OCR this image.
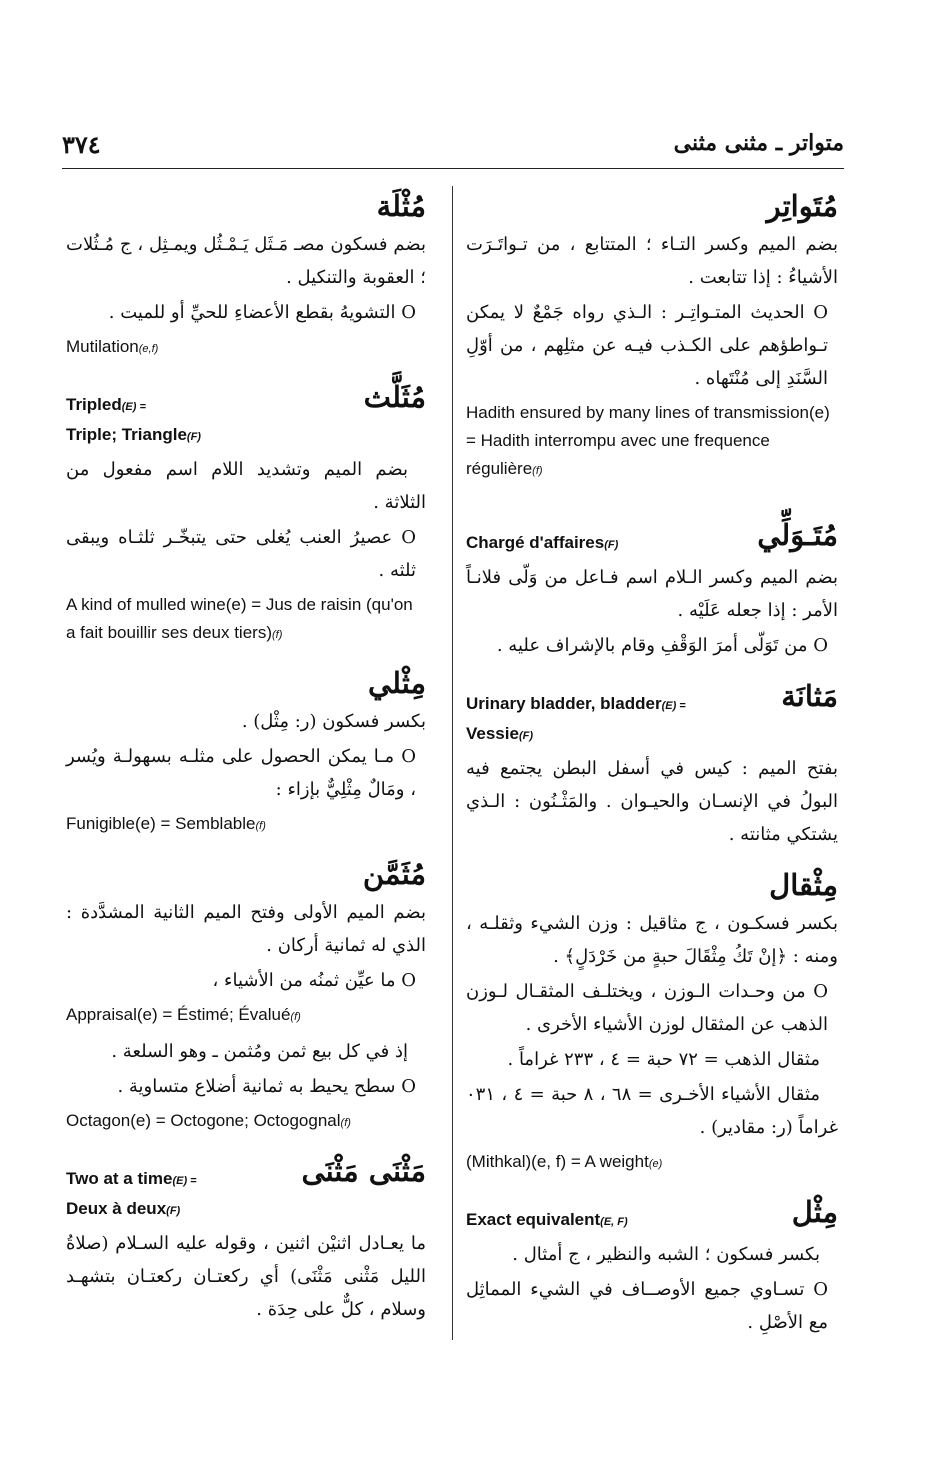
٣٧٤	متواتر ـ مثنى مثنى
مُثْلَة

بضم فسكون مصـ مَـثَل يَـمْـثُل ويمـثِل ، ج مُـثُلات ؛ العقوبة والتنكيل .

O التشويهُ بقطع الأعضاءِ للحيِّ أو للميت .

Mutilation(e,f)
Tripled(E) =
Triple; Triangle(F)
مُثَلَّث

بضم الميم وتشديد اللام اسم مفعول من الثلاثة .

O عصيرُ العنب يُغلى حتى يتبخّـر ثلثـاه ويبقى ثلثه .

A kind of mulled wine(e) = Jus de raisin (qu'on a fait bouillir ses deux tiers)(f)
مِثْلي

بكسر فسكون (ر: مِثْل) .

O مـا يمكن الحصول على مثلـه بسهولـة ويُسر ، ومَالٌ مِثْلِيٌّ بإزاء :

Funigible(e) = Semblable(f)
مُثَمَّن

بضم الميم الأولى وفتح الميم الثانية المشدَّدة : الذي له ثمانية أركان .

O ما عيِّن ثمنُه من الأشياء ،

Appraisal(e) = Éstimé; Évalué(f)

إذ في كل بيع ثمن ومُثمن ـ وهو السلعة .

O سطح يحيط به ثمانية أضلاع متساوية .

Octagon(e) = Octogone; Octogognal(f)
Two at a time(E) =
Deux à deux(F)
مَثْنَى مَثْنَى

ما يعـادل اثنيْن اثنين ، وقوله عليه السـلام (صلاةُ الليل مَثْنى مَثْنَى) أي ركعتـان ركعتـان بتشهـد وسلام ، كلٌّ على حِدَة .

مُتَواتِر

بضم الميم وكسر التـاء ؛ المتتابع ، من تـواتَـرَت الأشياءُ : إذا تتابعت .

O الحديث المتـواتِـر : الـذي رواه جَمْعٌ لا يمكن تـواطؤهم على الكـذب فيـه عن مثلِهم ، من أوّلِ السَّنَدِ إلى مُنْتَهاه .

Hadith ensured by many lines of transmission(e) = Hadith interrompu avec une frequence régulière(f)
Chargé d'affaires(F)	مُتَـوَلِّي

بضم الميم وكسر الـلام اسم فـاعل من وَلّى فلانـاً الأمر : إذا جعله عَلَيْه .

O من تَوَلّى أمرَ الوَقْفِ وقام بالإشراف عليه .

Urinary bladder, bladder(E) =
Vessie(F)
مَثانَة

بفتح الميم : كيس في أسفل البطن يجتمع فيه البولُ في الإنسـان والحيـوان . والمَثْـنُون : الـذي يشتكي مثانته .

مِثْقال

بكسر فسكـون ، ج مثاقيل : وزن الشيء وثقلـه ، ومنه : ﴿إنْ تَكُ مِثْقَالَ حبةٍ من خَرْدَلٍ﴾ .

O من وحـدات الـوزن ، ويختلـف المثقـال لـوزن الذهب عن المثقال لوزن الأشياء الأخرى .

مثقال الذهب = ٧٢ حبة = ٤ ، ٢٣٣ غراماً .

مثقال الأشياء الأخـرى = ٦٨ ، ٨ حبة = ٤ ، ٠٣١ غراماً (ر: مقادير) .

(Mithkal)(e, f) = A weight(e)
Exact equivalent(E, F)	مِثْل

بكسر فسكون ؛ الشبه والنظير ، ج أمثال .

O تسـاوي جميع الأوصــاف في الشيء المماثِل مع الأصْلِ .
